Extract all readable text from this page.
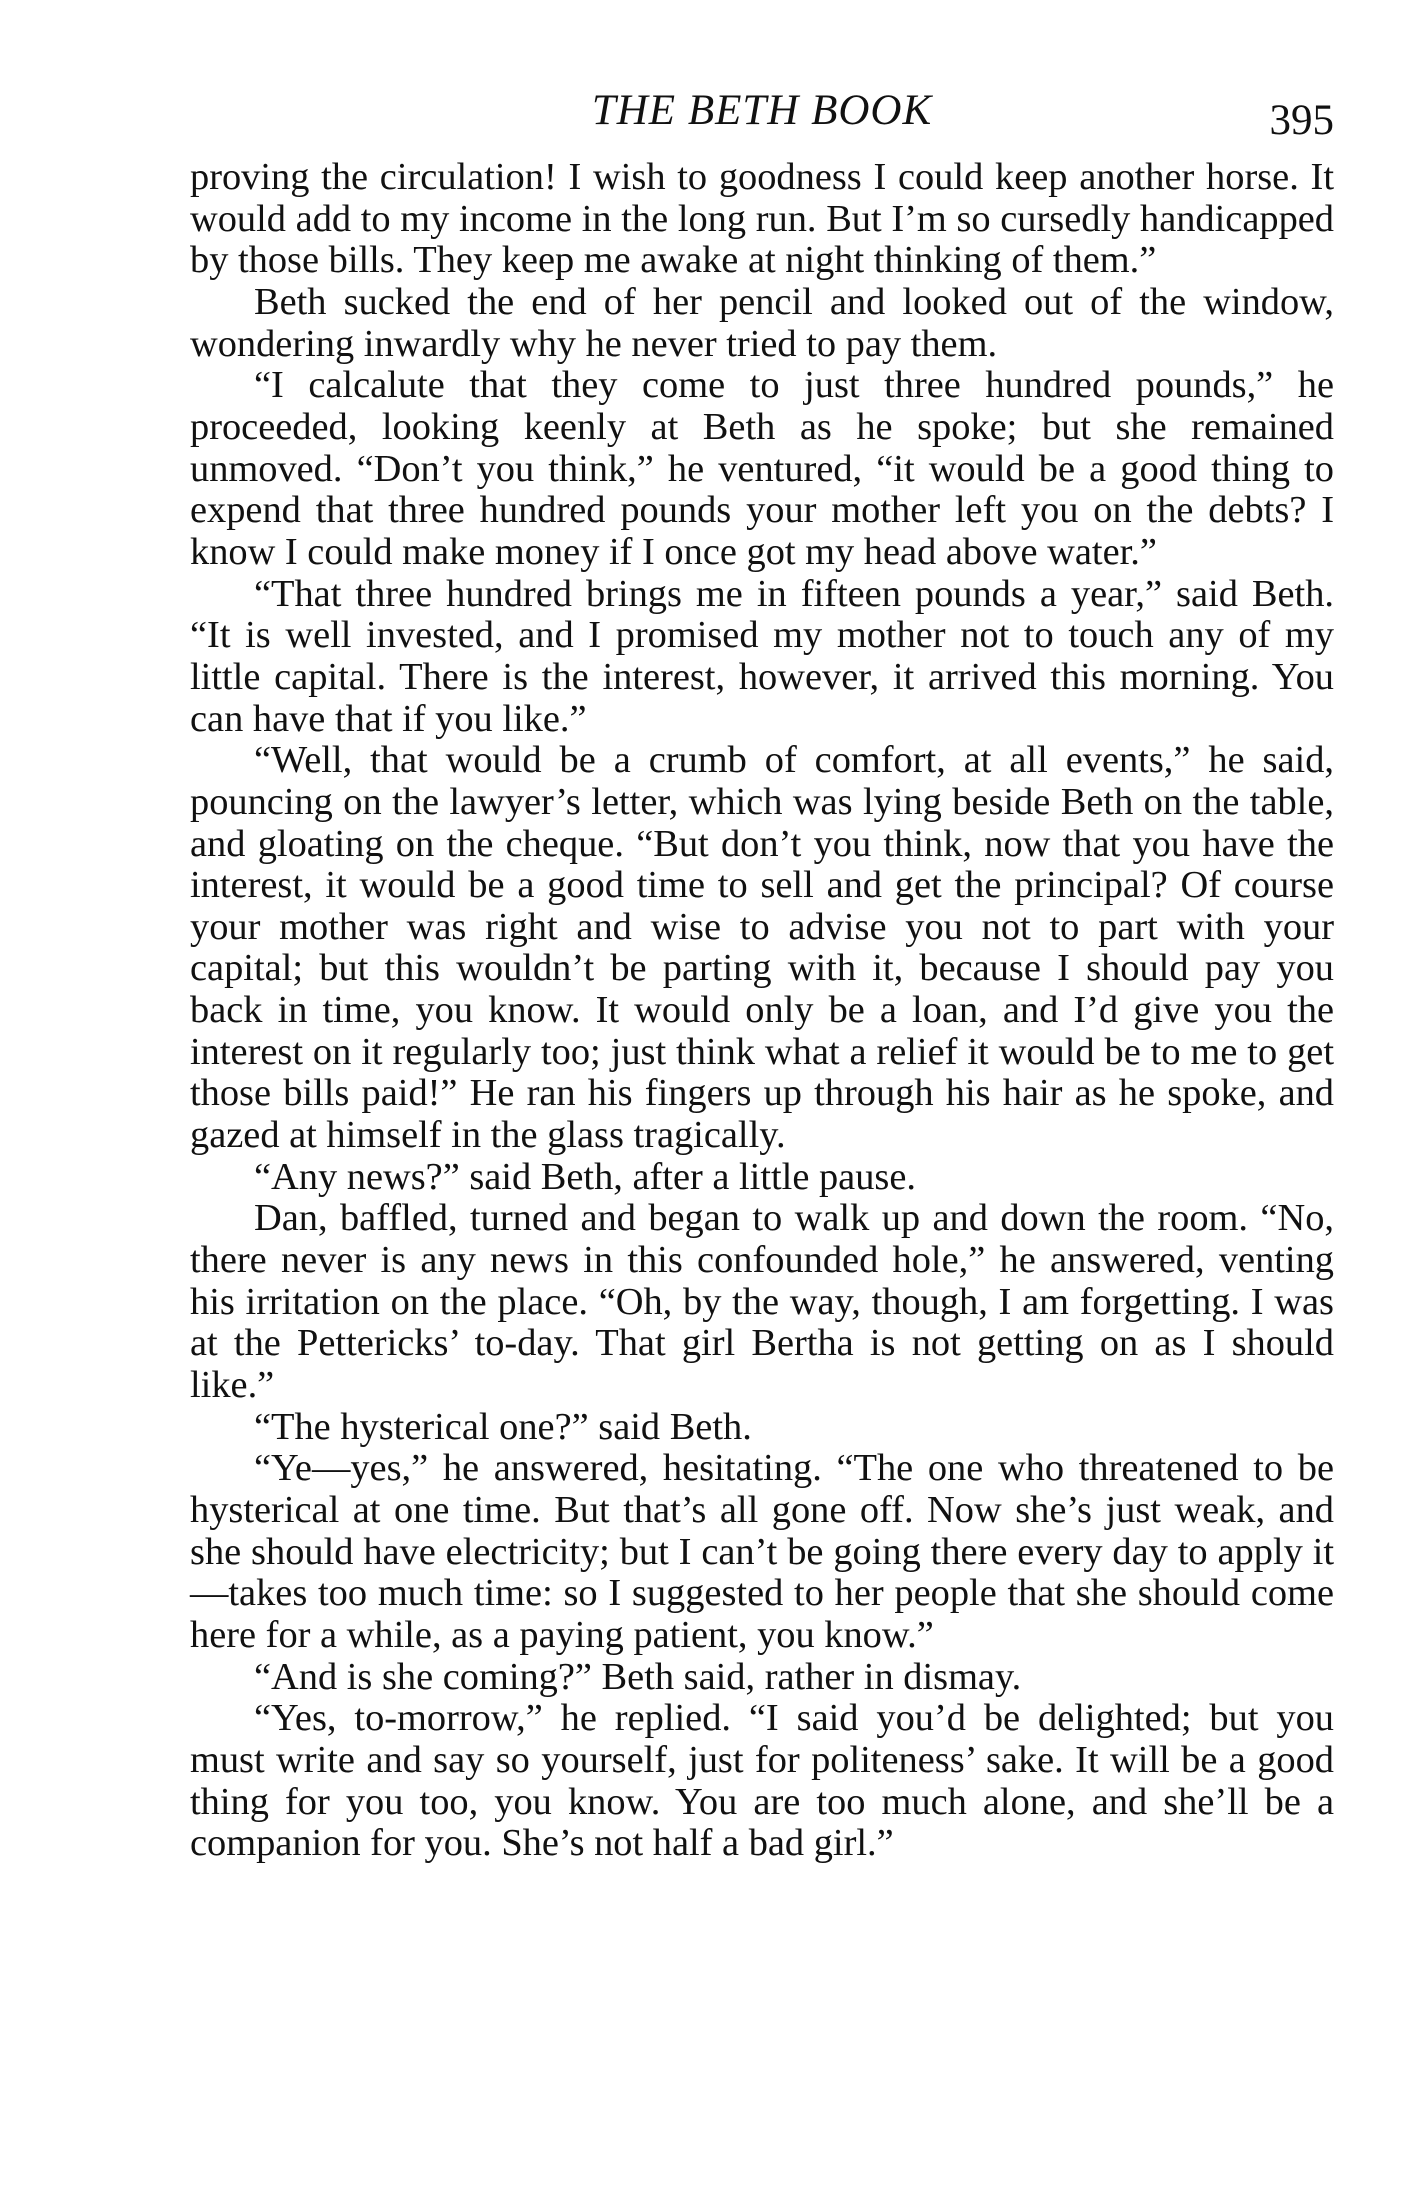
THE BETH BOOK	395

proving the circulation! I wish to goodness I could keep another horse. It would add to my income in the long run. But I’m so cursedly handicapped by those bills. They keep me awake at night thinking of them.”

Beth sucked the end of her pencil and looked out of the window, wondering inwardly why he never tried to pay them.

“I calcalute that they come to just three hundred pounds,” he proceeded, looking keenly at Beth as he spoke; but she remained unmoved. “Don’t you think,” he ventured, “it would be a good thing to expend that three hundred pounds your mother left you on the debts? I know I could make money if I once got my head above water.”

“That three hundred brings me in fifteen pounds a year,” said Beth. “It is well invested, and I promised my mother not to touch any of my little capital. There is the interest, however, it arrived this morning. You can have that if you like.”

“Well, that would be a crumb of comfort, at all events,” he said, pouncing on the lawyer’s letter, which was lying beside Beth on the table, and gloating on the cheque. “But don’t you think, now that you have the interest, it would be a good time to sell and get the principal? Of course your mother was right and wise to advise you not to part with your capital; but this wouldn’t be parting with it, because I should pay you back in time, you know. It would only be a loan, and I’d give you the interest on it regularly too; just think what a relief it would be to me to get those bills paid!” He ran his fingers up through his hair as he spoke, and gazed at himself in the glass tragically.

“Any news?” said Beth, after a little pause.

Dan, baffled, turned and began to walk up and down the room. “No, there never is any news in this confounded hole,” he answered, venting his irritation on the place. “Oh, by the way, though, I am forgetting. I was at the Pettericks’ to-day. That girl Bertha is not getting on as I should like.”

“The hysterical one?” said Beth.

“Ye—yes,” he answered, hesitating. “The one who threatened to be hysterical at one time. But that’s all gone off. Now she’s just weak, and she should have electricity; but I can’t be going there every day to apply it—takes too much time: so I suggested to her people that she should come here for a while, as a paying patient, you know.”

“And is she coming?” Beth said, rather in dismay.

“Yes, to-morrow,” he replied. “I said you’d be delighted; but you must write and say so yourself, just for politeness’ sake. It will be a good thing for you too, you know. You are too much alone, and she’ll be a companion for you. She’s not half a bad girl.”
